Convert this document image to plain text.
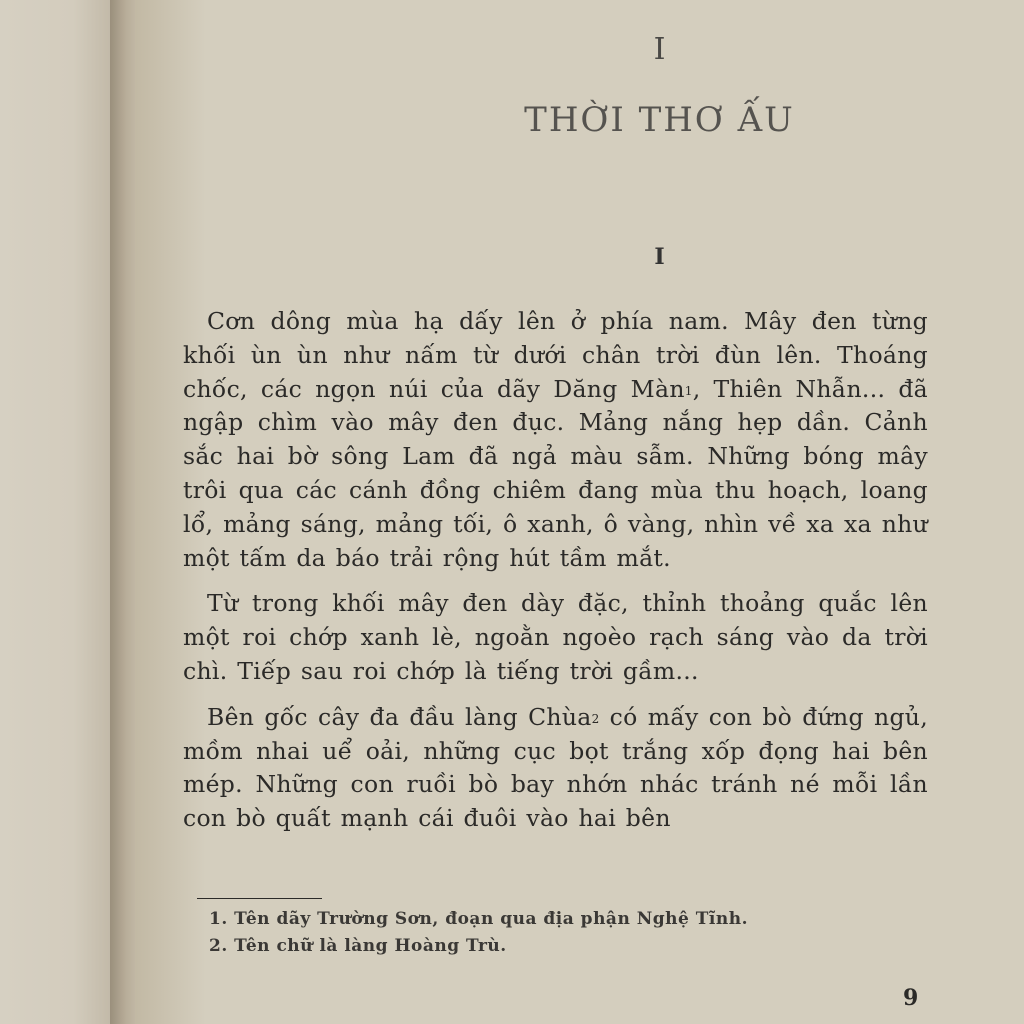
I
THỜI THƠ ẤU
I

Cơn dông mùa hạ dấy lên ở phía nam. Mây đen từng khối ùn ùn như nấm từ dưới chân trời đùn lên. Thoáng chốc, các ngọn núi của dãy Dăng Màn$^1$, Thiên Nhẫn... đã ngập chìm vào mây đen đục. Mảng nắng hẹp dần. Cảnh sắc hai bờ sông Lam đã ngả màu sẫm. Những bóng mây trôi qua các cánh đồng chiêm đang mùa thu hoạch, loang lổ, mảng sáng, mảng tối, ô xanh, ô vàng, nhìn về xa xa như một tấm da báo trải rộng hút tầm mắt.

Từ trong khối mây đen dày đặc, thỉnh thoảng quắc lên một roi chớp xanh lè, ngoằn ngoèo rạch sáng vào da trời chì. Tiếp sau roi chớp là tiếng trời gầm...

Bên gốc cây đa đầu làng Chùa$^2$ có mấy con bò đứng ngủ, mồm nhai uể oải, những cục bọt trắng xốp đọng hai bên mép. Những con ruồi bò bay nhớn nhác tránh né mỗi lần con bò quất mạnh cái đuôi vào hai bên

1. Tên dãy Trường Sơn, đoạn qua địa phận Nghệ Tĩnh.
2. Tên chữ là làng Hoàng Trù.
9
